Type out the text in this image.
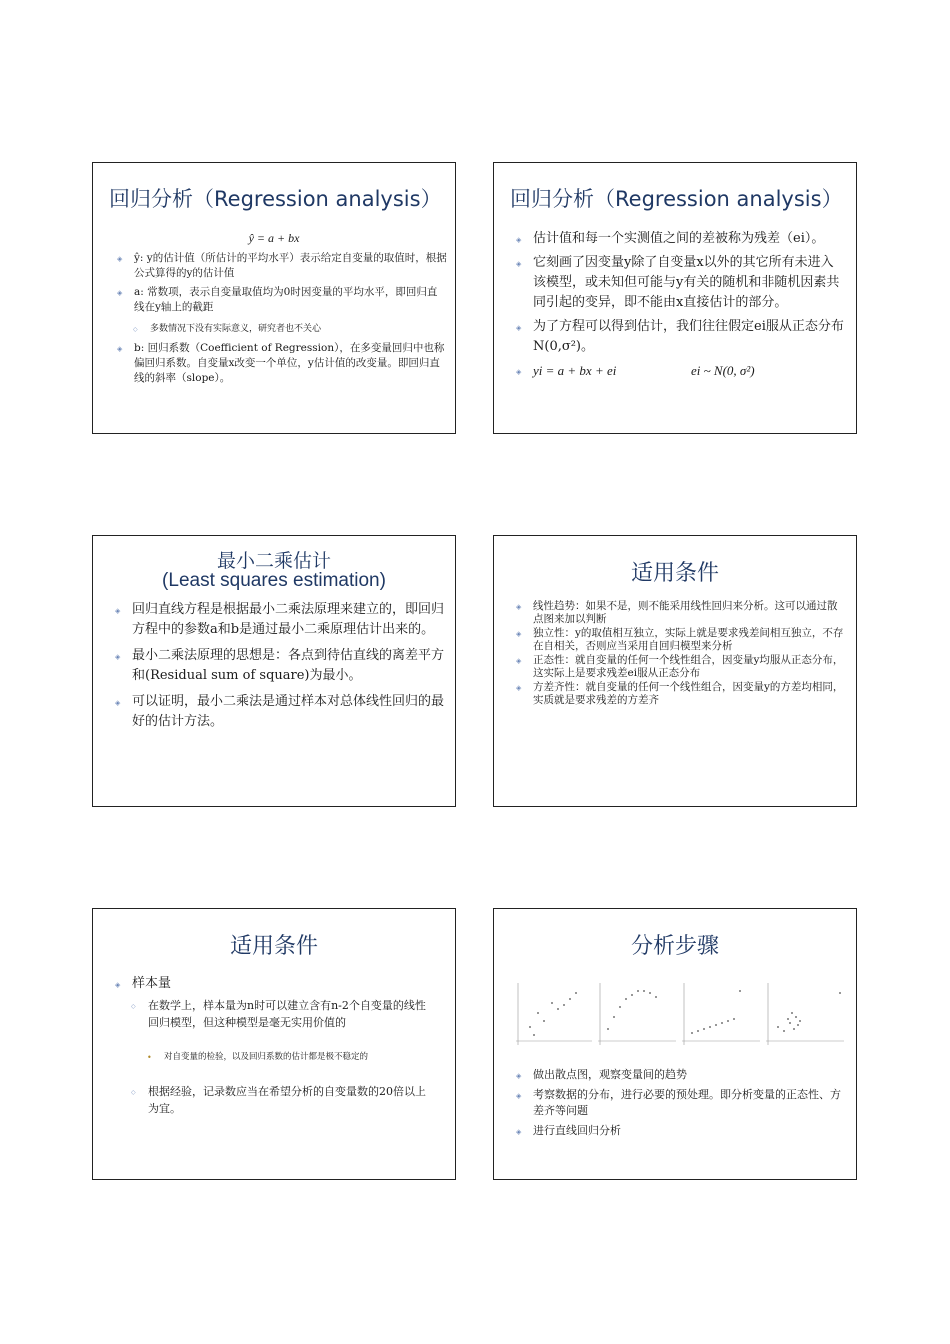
回归分析（Regression analysis）
ŷ = a + bx
◈ ŷ: y的估计值（所估计的平均水平）表示给定自变量的取值时，根据公式算得的y的估计值
◈ a: 常数项，表示自变量取值均为0时因变量的平均水平，即回归直线在y轴上的截距
◇ 多数情况下没有实际意义，研究者也不关心
◈ b: 回归系数（Coefficient of Regression），在多变量回归中也称偏回归系数。自变量x改变一个单位，y估计值的改变量。即回归直线的斜率（slope）。
回归分析（Regression analysis）
◈ 估计值和每一个实测值之间的差被称为残差（ei）。
◈ 它刻画了因变量y除了自变量x以外的其它所有未进入该模型，或未知但可能与y有关的随机和非随机因素共同引起的变异，即不能由x直接估计的部分。
◈ 为了方程可以得到估计，我们往往假定ei服从正态分布N(0,σ²)。
◈ yi = a + bx + ei	ei ~ N(0, σ²)
最小二乘估计
(Least squares estimation)
◈ 回归直线方程是根据最小二乘法原理来建立的，即回归方程中的参数a和b是通过最小二乘原理估计出来的。
◈ 最小二乘法原理的思想是：各点到待估直线的离差平方和(Residual sum of square)为最小。
◈ 可以证明，最小二乘法是通过样本对总体线性回归的最好的估计方法。
适用条件
◈ 线性趋势：如果不是，则不能采用线性回归来分析。这可以通过散点图来加以判断
◈ 独立性：y的取值相互独立，实际上就是要求残差间相互独立，不存在自相关，否则应当采用自回归模型来分析
◈ 正态性：就自变量的任何一个线性组合，因变量y均服从正态分布，这实际上是要求残差ei服从正态分布
◈ 方差齐性：就自变量的任何一个线性组合，因变量y的方差均相同，实质就是要求残差的方差齐
适用条件
◈ 样本量
◇ 在数学上，样本量为n时可以建立含有n-2个自变量的线性回归模型，但这种模型是毫无实用价值的
• 对自变量的检验，以及回归系数的估计都是极不稳定的
◇ 根据经验，记录数应当在希望分析的自变量数的20倍以上为宜。
分析步骤
◈ 做出散点图，观察变量间的趋势
◈ 考察数据的分布，进行必要的预处理。即分析变量的正态性、方差齐等问题
◈ 进行直线回归分析
